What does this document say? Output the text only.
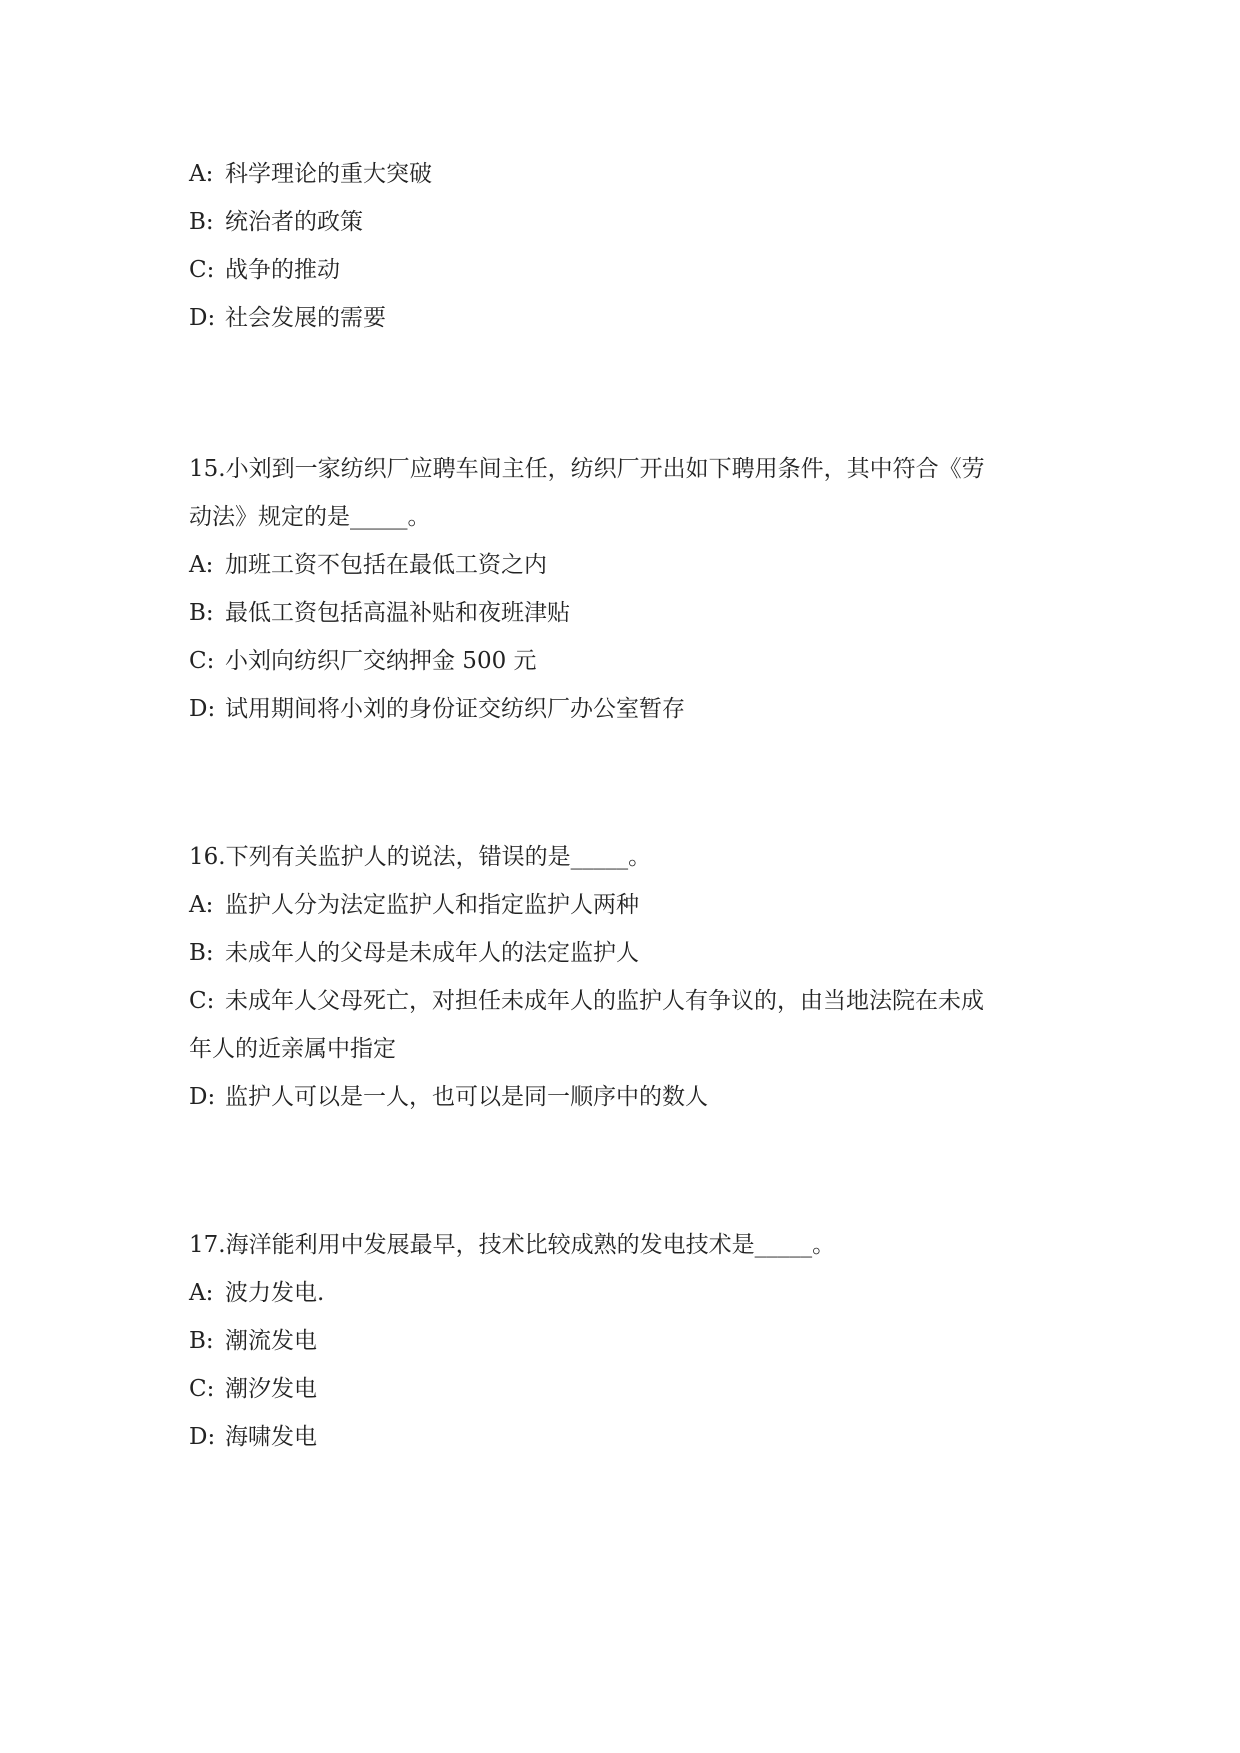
A: 科学理论的重大突破
B: 统治者的政策
C: 战争的推动
D: 社会发展的需要
15.小刘到一家纺织厂应聘车间主任，纺织厂开出如下聘用条件，其中符合《劳
动法》规定的是_____。
A: 加班工资不包括在最低工资之内
B: 最低工资包括高温补贴和夜班津贴
C: 小刘向纺织厂交纳押金 500 元
D: 试用期间将小刘的身份证交纺织厂办公室暂存
16.下列有关监护人的说法，错误的是_____。
A: 监护人分为法定监护人和指定监护人两种
B: 未成年人的父母是未成年人的法定监护人
C: 未成年人父母死亡，对担任未成年人的监护人有争议的，由当地法院在未成
年人的近亲属中指定
D: 监护人可以是一人，也可以是同一顺序中的数人
17.海洋能利用中发展最早，技术比较成熟的发电技术是_____。
A: 波力发电.
B: 潮流发电
C: 潮汐发电
D: 海啸发电
